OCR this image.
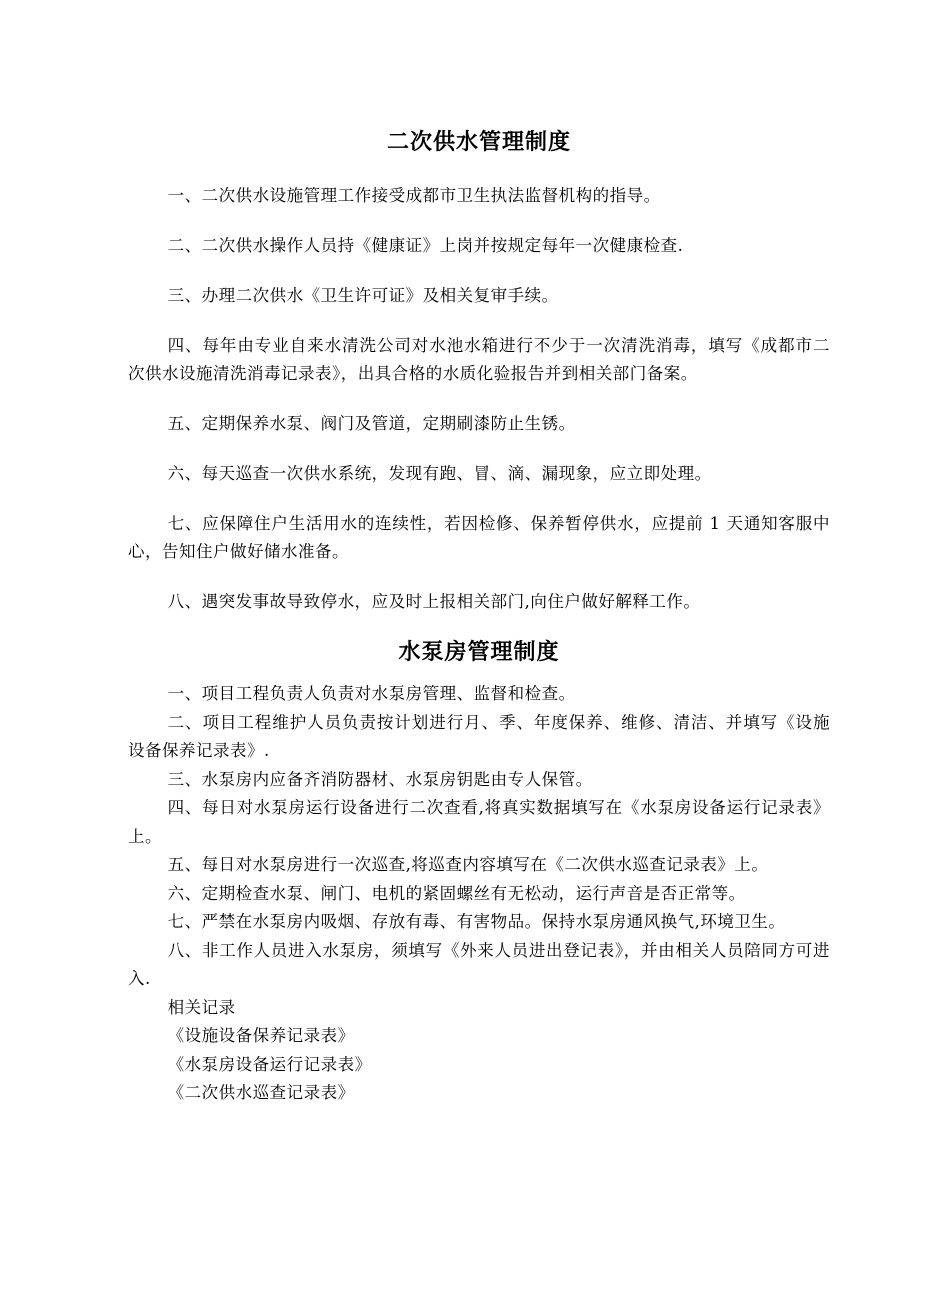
二次供水管理制度

一、二次供水设施管理工作接受成都市卫生执法监督机构的指导。

二、二次供水操作人员持《健康证》上岗并按规定每年一次健康检查.

三、办理二次供水《卫生许可证》及相关复审手续。

四、每年由专业自来水清洗公司对水池水箱进行不少于一次清洗消毒，填写《成都市二次供水设施清洗消毒记录表》，出具合格的水质化验报告并到相关部门备案。

五、定期保养水泵、阀门及管道，定期刷漆防止生锈。

六、每天巡查一次供水系统，发现有跑、冒、滴、漏现象，应立即处理。

七、应保障住户生活用水的连续性，若因检修、保养暂停供水，应提前 1 天通知客服中心，告知住户做好储水准备。

八、遇突发事故导致停水，应及时上报相关部门,向住户做好解释工作。

水泵房管理制度

一、项目工程负责人负责对水泵房管理、监督和检查。

二、项目工程维护人员负责按计划进行月、季、年度保养、维修、清洁、并填写《设施设备保养记录表》.

三、水泵房内应备齐消防器材、水泵房钥匙由专人保管。

四、每日对水泵房运行设备进行二次查看,将真实数据填写在《水泵房设备运行记录表》上。

五、每日对水泵房进行一次巡查,将巡查内容填写在《二次供水巡查记录表》上。

六、定期检查水泵、闸门、电机的紧固螺丝有无松动，运行声音是否正常等。

七、严禁在水泵房内吸烟、存放有毒、有害物品。保持水泵房通风换气,环境卫生。

八、非工作人员进入水泵房，须填写《外来人员进出登记表》，并由相关人员陪同方可进入.

相关记录
《设施设备保养记录表》
《水泵房设备运行记录表》
《二次供水巡查记录表》
